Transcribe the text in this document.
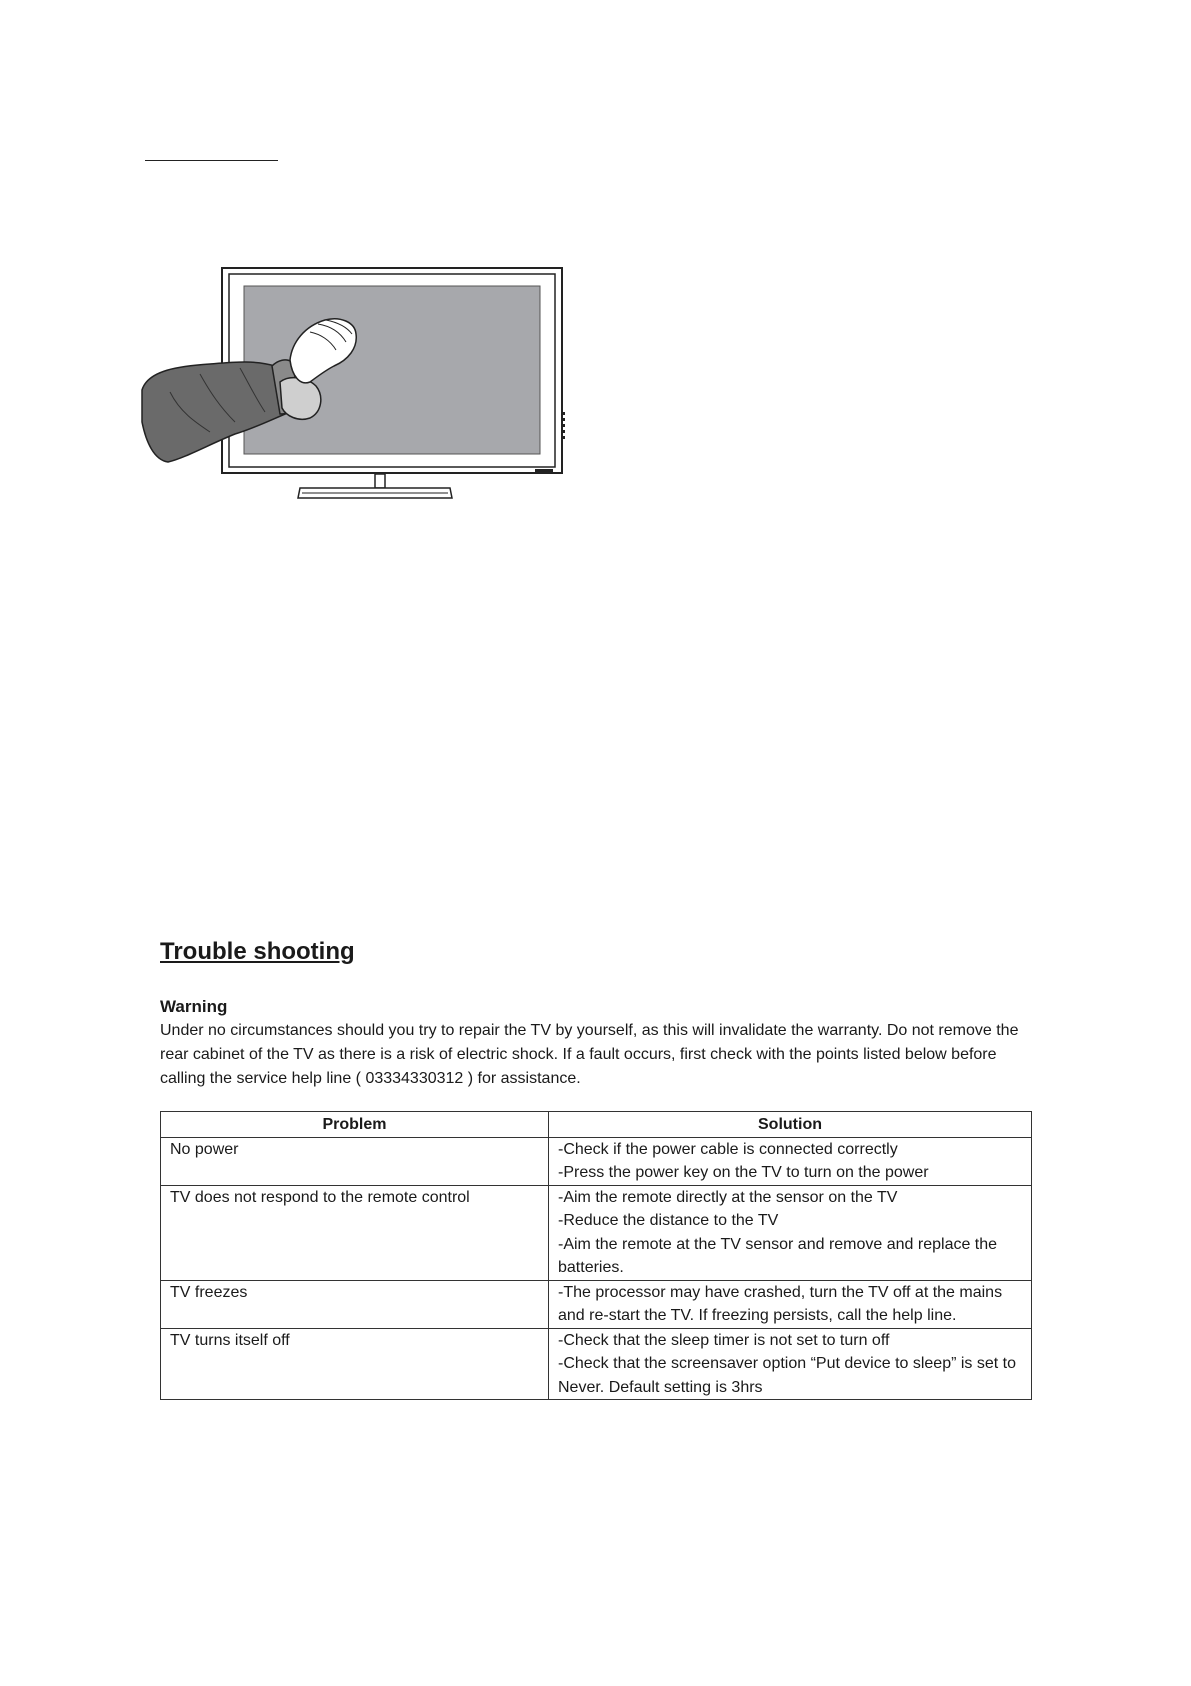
Trouble shooting
Warning

Under no circumstances should you try to repair the TV by yourself, as this will invalidate the warranty. Do not remove the rear cabinet of the TV as there is a risk of electric shock. If a fault occurs, first check with the points listed below before calling the service help line ( 03334330312 ) for assistance.

Problem	Solution
No power	-Check if the power cable is connected correctly
-Press the power key on the TV to turn on the power

TV does not respond to the remote control	-Aim the remote directly at the sensor on the TV
-Reduce the distance to the TV
-Aim the remote at the TV sensor and remove and replace the batteries.

TV freezes	-The processor may have crashed, turn the TV off at the mains and re-start the TV. If freezing persists, call the help line.

TV turns itself off	-Check that the sleep timer is not set to turn off
-Check that the screensaver option “Put device to sleep” is set to Never. Default setting is 3hrs
